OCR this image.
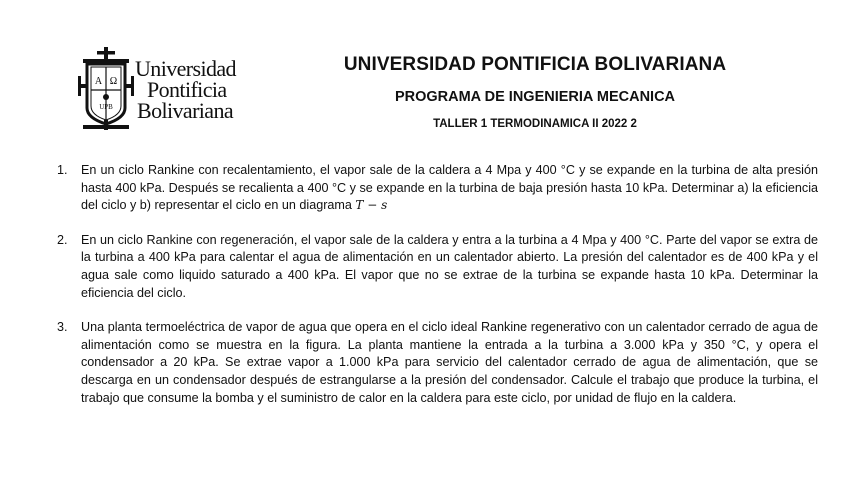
A Ω
UPB
Universidad
Pontificia
Bolivariana
UNIVERSIDAD PONTIFICIA BOLIVARIANA
PROGRAMA DE INGENIERIA MECANICA
TALLER 1 TERMODINAMICA II 2022 2
1. En un ciclo Rankine con recalentamiento, el vapor sale de la caldera a 4 Mpa y 400 °C y se expande en la turbina de alta presión hasta 400 kPa. Después se recalienta a 400 °C y se expande en la turbina de baja presión hasta 10 kPa. Determinar a) la eficiencia del ciclo y b) representar el ciclo en un diagrama T − s
2. En un ciclo Rankine con regeneración, el vapor sale de la caldera y entra a la turbina a 4 Mpa y 400 °C. Parte del vapor se extra de la turbina a 400 kPa para calentar el agua de alimentación en un calentador abierto. La presión del calentador es de 400 kPa y el agua sale como liquido saturado a 400 kPa. El vapor que no se extrae de la turbina se expande hasta 10 kPa. Determinar la eficiencia del ciclo.
3. Una planta termoeléctrica de vapor de agua que opera en el ciclo ideal Rankine regenerativo con un calentador cerrado de agua de alimentación como se muestra en la figura. La planta mantiene la entrada a la turbina a 3.000 kPa y 350 °C, y opera el condensador a 20 kPa. Se extrae vapor a 1.000 kPa para servicio del calentador cerrado de agua de alimentación, que se descarga en un condensador después de estrangularse a la presión del condensador. Calcule el trabajo que produce la turbina, el trabajo que consume la bomba y el suministro de calor en la caldera para este ciclo, por unidad de flujo en la caldera.
